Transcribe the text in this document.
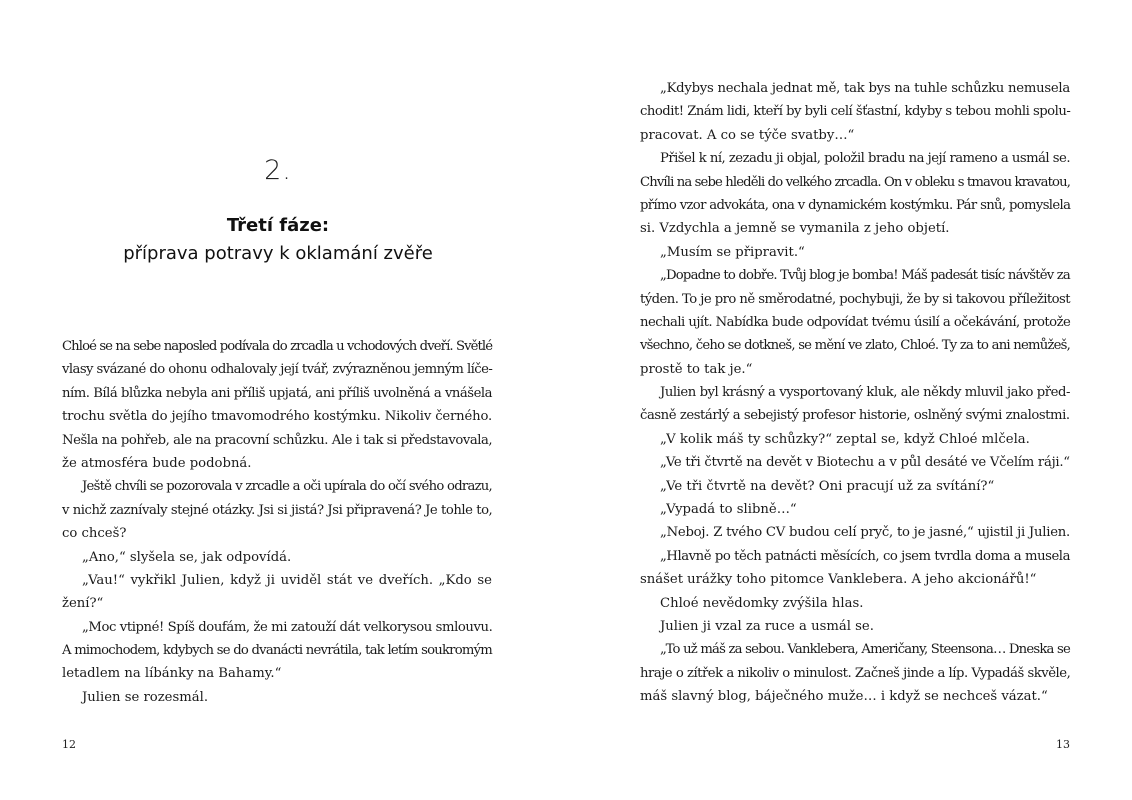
2.
Třetí fáze:
příprava potravy k oklamání zvěře
Chloé se na sebe naposled podívala do zrcadla u vchodových dveří. Světlé
vlasy svázané do ohonu odhalovaly její tvář, zvýrazněnou jemným líče-
ním. Bílá blůzka nebyla ani příliš upjatá, ani příliš uvolněná a vnášela
trochu světla do jejího tmavomodrého kostýmku. Nikoliv černého.
Nešla na pohřeb, ale na pracovní schůzku. Ale i tak si představovala,
že atmosféra bude podobná.
Ještě chvíli se pozorovala v zrcadle a oči upírala do očí svého odrazu,
v nichž zaznívaly stejné otázky. Jsi si jistá? Jsi připravená? Je tohle to,
co chceš?
„Ano,“ slyšela se, jak odpovídá.
„Vau!“ vykřikl Julien, když ji uviděl stát ve dveřích. „Kdo se
žení?“
„Moc vtipné! Spíš doufám, že mi zatouží dát velkorysou smlouvu.
A mimochodem, kdybych se do dvanácti nevrátila, tak letím soukromým
letadlem na líbánky na Bahamy.“
Julien se rozesmál.
12
„Kdybys nechala jednat mě, tak bys na tuhle schůzku nemusela
chodit! Znám lidi, kteří by byli celí šťastní, kdyby s tebou mohli spolu-
pracovat. A co se týče svatby…“
Přišel k ní, zezadu ji objal, položil bradu na její rameno a usmál se.
Chvíli na sebe hleděli do velkého zrcadla. On v obleku s tmavou kravatou,
přímo vzor advokáta, ona v dynamickém kostýmku. Pár snů, pomyslela
si. Vzdychla a jemně se vymanila z jeho objetí.
„Musím se připravit.“
„Dopadne to dobře. Tvůj blog je bomba! Máš padesát tisíc návštěv za
týden. To je pro ně směrodatné, pochybuji, že by si takovou příležitost
nechali ujít. Nabídka bude odpovídat tvému úsilí a očekávání, protože
všechno, čeho se dotkneš, se mění ve zlato, Chloé. Ty za to ani nemůžeš,
prostě to tak je.“
Julien byl krásný a vysportovaný kluk, ale někdy mluvil jako před-
časně zestárlý a sebejistý profesor historie, oslněný svými znalostmi.
„V kolik máš ty schůzky?“ zeptal se, když Chloé mlčela.
„Ve tři čtvrtě na devět v Biotechu a v půl desáté ve Včelím ráji.“
„Ve tři čtvrtě na devět? Oni pracují už za svítání?“
„Vypadá to slibně…“
„Neboj. Z tvého CV budou celí pryč, to je jasné,“ ujistil ji Julien.
„Hlavně po těch patnácti měsících, co jsem tvrdla doma a musela
snášet urážky toho pitomce Vanklebera. A jeho akcionářů!“
Chloé nevědomky zvýšila hlas.
Julien ji vzal za ruce a usmál se.
„To už máš za sebou. Vanklebera, Američany, Steensona… Dneska se
hraje o zítřek a nikoliv o minulost. Začneš jinde a líp. Vypadáš skvěle,
máš slavný blog, báječného muže… i když se nechceš vázat.“
13
